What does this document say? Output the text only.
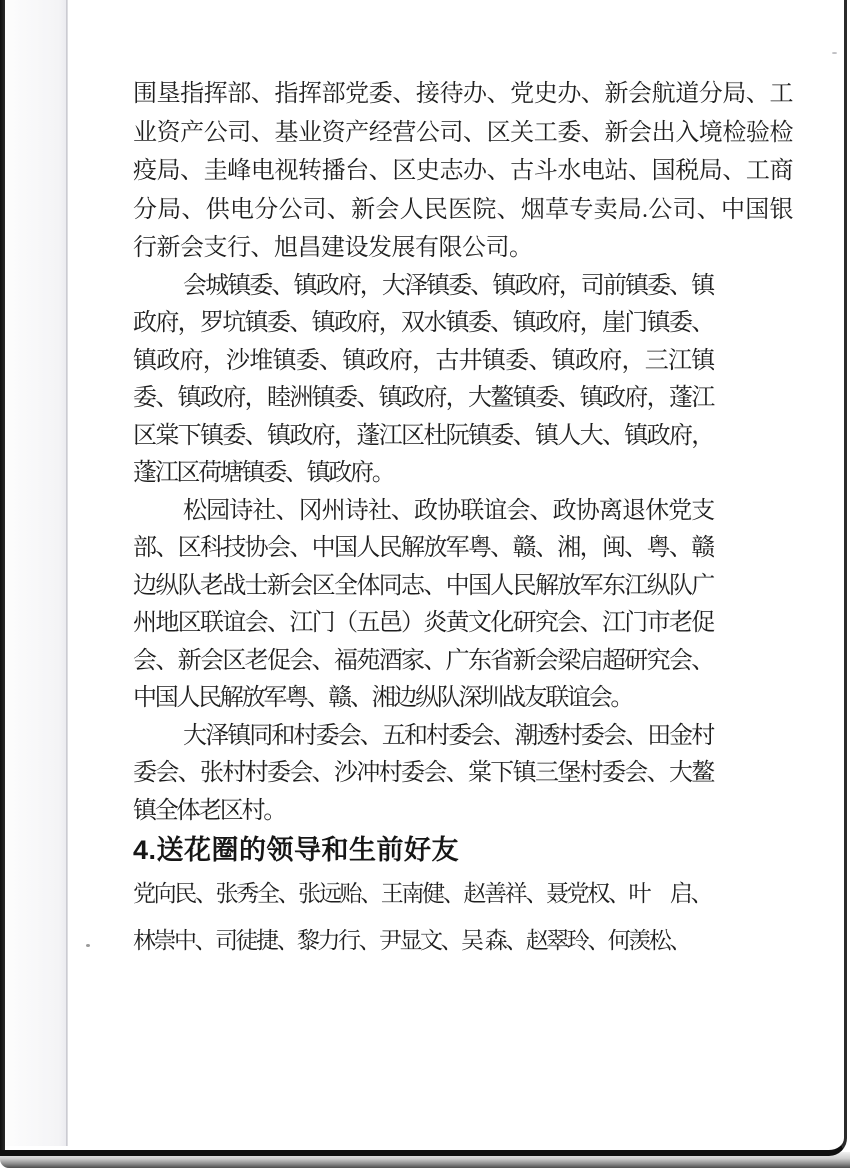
围垦指挥部、指挥部党委、接待办、党史办、新会航道分局、工业资产公司、基业资产经营公司、区关工委、新会出入境检验检疫局、圭峰电视转播台、区史志办、古斗水电站、国税局、工商分局、供电分公司、新会人民医院、烟草专卖局.公司、中国银行新会支行、旭昌建设发展有限公司。

会城镇委、镇政府，大泽镇委、镇政府，司前镇委、镇政府，罗坑镇委、镇政府，双水镇委、镇政府，崖门镇委、镇政府，沙堆镇委、镇政府，古井镇委、镇政府，三江镇委、镇政府，睦洲镇委、镇政府，大鳌镇委、镇政府，蓬江区棠下镇委、镇政府，蓬江区杜阮镇委、镇人大、镇政府，蓬江区荷塘镇委、镇政府。

松园诗社、冈州诗社、政协联谊会、政协离退休党支部、区科技协会、中国人民解放军粤、赣、湘，闽、粤、赣边纵队老战士新会区全体同志、中国人民解放军东江纵队广州地区联谊会、江门（五邑）炎黄文化研究会、江门市老促会、新会区老促会、福苑酒家、广东省新会梁启超研究会、中国人民解放军粤、赣、湘边纵队深圳战友联谊会。

大泽镇同和村委会、五和村委会、潮透村委会、田金村委会、张村村委会、沙冲村委会、棠下镇三堡村委会、大鳌镇全体老区村。

4.送花圈的领导和生前好友

党向民、张秀全、张远贻、王南健、赵善祥、聂党权、叶　启、林崇中、司徒捷、黎力行、尹显文、吴 森、赵翠玲、何羡松、
